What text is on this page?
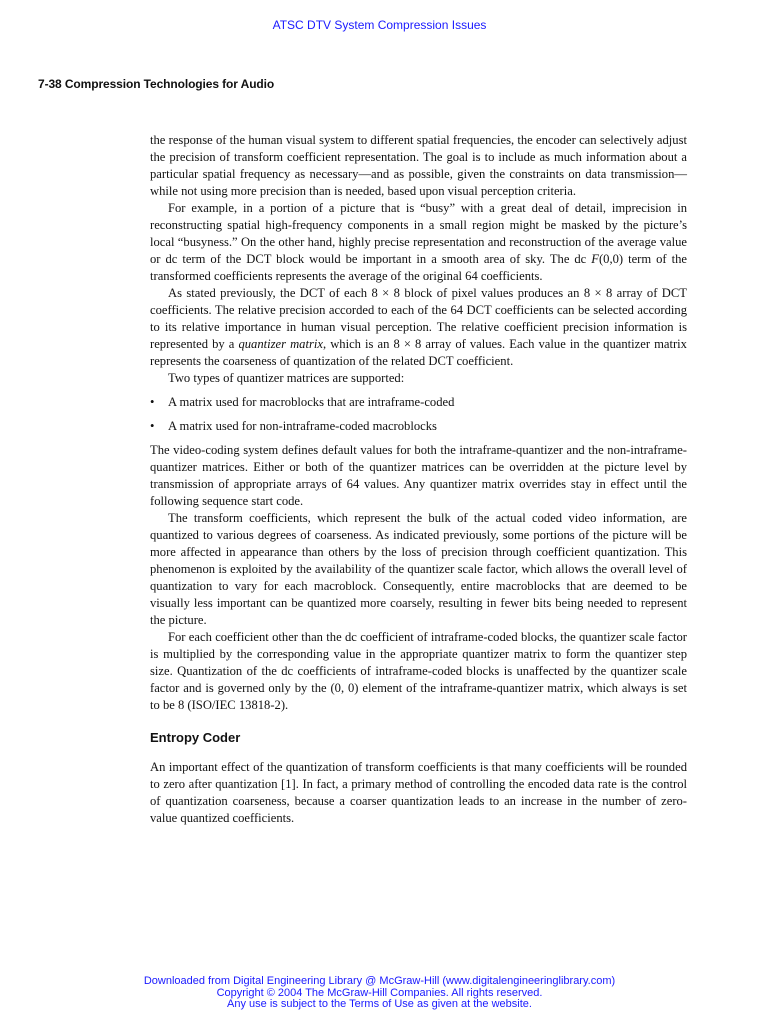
ATSC DTV System Compression Issues
7-38 Compression Technologies for Audio

the response of the human visual system to different spatial frequencies, the encoder can selectively adjust the precision of transform coefficient representation. The goal is to include as much information about a particular spatial frequency as necessary—and as possible, given the constraints on data transmission—while not using more precision than is needed, based upon visual perception criteria.

For example, in a portion of a picture that is “busy” with a great deal of detail, imprecision in reconstructing spatial high-frequency components in a small region might be masked by the picture’s local “busyness.” On the other hand, highly precise representation and reconstruction of the average value or dc term of the DCT block would be important in a smooth area of sky. The dc F(0,0) term of the transformed coefficients represents the average of the original 64 coefficients.

As stated previously, the DCT of each 8 × 8 block of pixel values produces an 8 × 8 array of DCT coefficients. The relative precision accorded to each of the 64 DCT coefficients can be selected according to its relative importance in human visual perception. The relative coefficient precision information is represented by a quantizer matrix, which is an 8 × 8 array of values. Each value in the quantizer matrix represents the coarseness of quantization of the related DCT coefficient.

Two types of quantizer matrices are supported:

• A matrix used for macroblocks that are intraframe-coded
• A matrix used for non-intraframe-coded macroblocks

The video-coding system defines default values for both the intraframe-quantizer and the non-intraframe-quantizer matrices. Either or both of the quantizer matrices can be overridden at the picture level by transmission of appropriate arrays of 64 values. Any quantizer matrix overrides stay in effect until the following sequence start code.

The transform coefficients, which represent the bulk of the actual coded video information, are quantized to various degrees of coarseness. As indicated previously, some portions of the picture will be more affected in appearance than others by the loss of precision through coefficient quantization. This phenomenon is exploited by the availability of the quantizer scale factor, which allows the overall level of quantization to vary for each macroblock. Consequently, entire macroblocks that are deemed to be visually less important can be quantized more coarsely, resulting in fewer bits being needed to represent the picture.

For each coefficient other than the dc coefficient of intraframe-coded blocks, the quantizer scale factor is multiplied by the corresponding value in the appropriate quantizer matrix to form the quantizer step size. Quantization of the dc coefficients of intraframe-coded blocks is unaffected by the quantizer scale factor and is governed only by the (0, 0) element of the intraframe-quantizer matrix, which always is set to be 8 (ISO/IEC 13818-2).

Entropy Coder

An important effect of the quantization of transform coefficients is that many coefficients will be rounded to zero after quantization [1]. In fact, a primary method of controlling the encoded data rate is the control of quantization coarseness, because a coarser quantization leads to an increase in the number of zero-value quantized coefficients.

Downloaded from Digital Engineering Library @ McGraw-Hill (www.digitalengineeringlibrary.com)
Copyright © 2004 The McGraw-Hill Companies. All rights reserved.
Any use is subject to the Terms of Use as given at the website.
